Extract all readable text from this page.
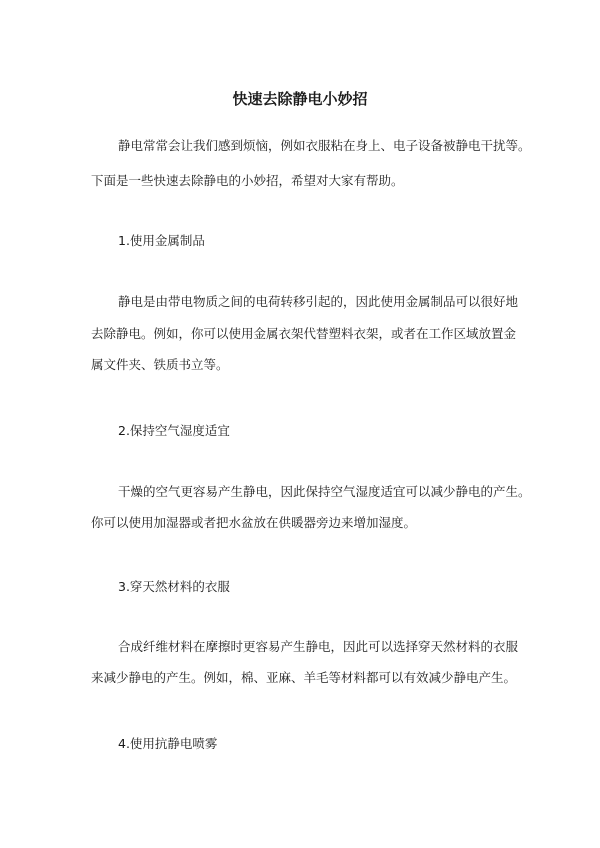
快速去除静电小妙招
静电常常会让我们感到烦恼，例如衣服粘在身上、电子设备被静电干扰等。
下面是一些快速去除静电的小妙招，希望对大家有帮助。
1.使用金属制品
静电是由带电物质之间的电荷转移引起的，因此使用金属制品可以很好地
去除静电。例如，你可以使用金属衣架代替塑料衣架，或者在工作区域放置金
属文件夹、铁质书立等。
2.保持空气湿度适宜
干燥的空气更容易产生静电，因此保持空气湿度适宜可以减少静电的产生。
你可以使用加湿器或者把水盆放在供暖器旁边来增加湿度。
3.穿天然材料的衣服
合成纤维材料在摩擦时更容易产生静电，因此可以选择穿天然材料的衣服
来减少静电的产生。例如，棉、亚麻、羊毛等材料都可以有效减少静电产生。
4.使用抗静电喷雾
